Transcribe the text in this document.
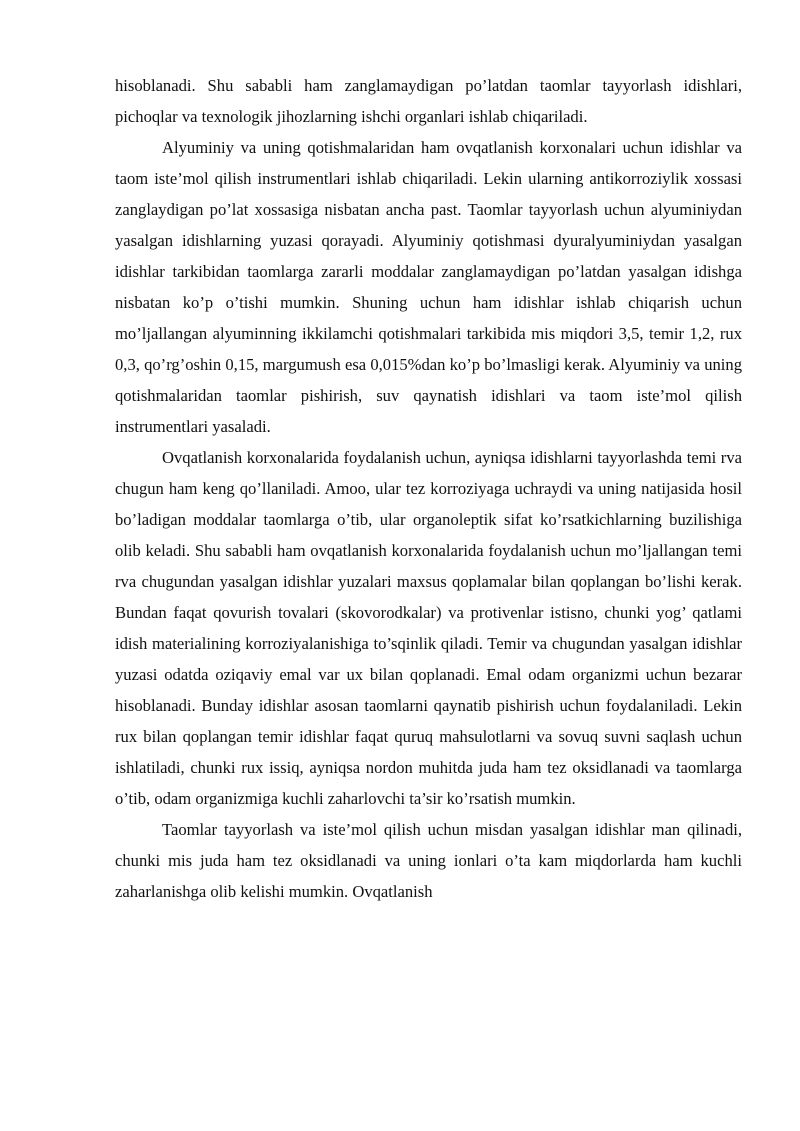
hisoblanadi. Shu sababli ham zanglamaydigan po’latdan taomlar tayyorlash idishlari, pichoqlar va texnologik jihozlarning ishchi organlari ishlab chiqariladi.

Alyuminiy va uning qotishmalaridan ham ovqatlanish korxonalari uchun idishlar va taom iste’mol qilish instrumentlari ishlab chiqariladi. Lekin ularning antikorroziylik xossasi zanglaydigan po’lat xossasiga nisbatan ancha past. Taomlar tayyorlash uchun alyuminiydan yasalgan idishlarning yuzasi qorayadi. Alyuminiy qotishmasi dyuralyuminiydan yasalgan idishlar tarkibidan taomlarga zararli moddalar zanglamaydigan po’latdan yasalgan idishga nisbatan ko’p o’tishi mumkin. Shuning uchun ham idishlar ishlab chiqarish uchun mo’ljallangan alyuminning ikkilamchi qotishmalari tarkibida mis miqdori 3,5, temir 1,2, rux 0,3, qo’rg’oshin 0,15, margumush esa 0,015%dan ko’p bo’lmasligi kerak. Alyuminiy va uning qotishmalaridan taomlar pishirish, suv qaynatish idishlari va taom iste’mol qilish instrumentlari yasaladi.

Ovqatlanish korxonalarida foydalanish uchun, ayniqsa idishlarni tayyorlashda temi rva chugun ham keng qo’llaniladi. Amoo, ular tez korroziyaga uchraydi va uning natijasida hosil bo’ladigan moddalar taomlarga o’tib, ular organoleptik sifat ko’rsatkichlarning buzilishiga olib keladi. Shu sababli ham ovqatlanish korxonalarida foydalanish uchun mo’ljallangan temi rva chugundan yasalgan idishlar yuzalari maxsus qoplamalar bilan qoplangan bo’lishi kerak. Bundan faqat qovurish tovalari (skovorodkalar) va protivenlar istisno, chunki yog’ qatlami idish materialining korroziyalanishiga to’sqinlik qiladi. Temir va chugundan yasalgan idishlar yuzasi odatda oziqaviy emal var ux bilan qoplanadi. Emal odam organizmi uchun bezarar hisoblanadi. Bunday idishlar asosan taomlarni qaynatib pishirish uchun foydalaniladi. Lekin rux bilan qoplangan temir idishlar faqat quruq mahsulotlarni va sovuq suvni saqlash uchun ishlatiladi, chunki rux issiq, ayniqsa nordon muhitda juda ham tez oksidlanadi va taomlarga o’tib, odam organizmiga kuchli zaharlovchi ta’sir ko’rsatish mumkin.

Taomlar tayyorlash va iste’mol qilish uchun misdan yasalgan idishlar man qilinadi, chunki mis juda ham tez oksidlanadi va uning ionlari o’ta kam miqdorlarda ham kuchli zaharlanishga olib kelishi mumkin. Ovqatlanish
